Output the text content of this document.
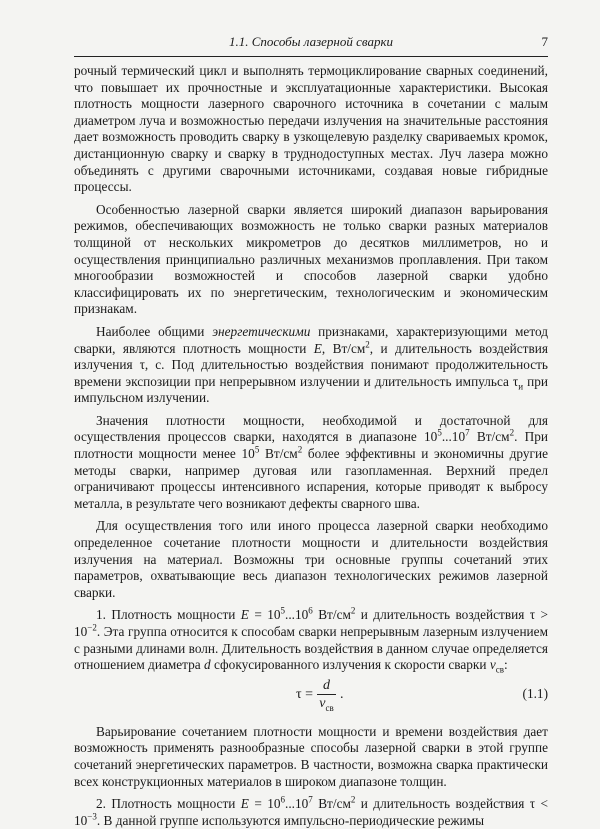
1.1. Способы лазерной сварки	7

рочный термический цикл и выполнять термоциклирование сварных соединений, что повышает их прочностные и эксплуатационные характеристики. Высокая плотность мощности лазерного сварочного источника в сочетании с малым диаметром луча и возможностью передачи излучения на значительные расстояния дает возможность проводить сварку в узкощелевую разделку свариваемых кромок, дистанционную сварку и сварку в труднодоступных местах. Луч лазера можно объединять с другими сварочными источниками, создавая новые гибридные процессы.

Особенностью лазерной сварки является широкий диапазон варьирования режимов, обеспечивающих возможность не только сварки разных материалов толщиной от нескольких микрометров до десятков миллиметров, но и осуществления принципиально различных механизмов проплавления. При таком многообразии возможностей и способов лазерной сварки удобно классифицировать их по энергетическим, технологическим и экономическим признакам.

Наиболее общими энергетическими признаками, характеризующими метод сварки, являются плотность мощности E, $Вт/см^2$, и длительность воздействия излучения τ, с. Под длительностью воздействия понимают продолжительность времени экспозиции при непрерывном излучении и длительность импульса $\tau_и$ при импульсном излучении.

Значения плотности мощности, необходимой и достаточной для осуществления процессов сварки, находятся в диапазоне $10^5...10^7$ $Вт/см^2$. При плотности мощности менее $10^5$ $Вт/см^2$ более эффективны и экономичны другие методы сварки, например дуговая или газопламенная. Верхний предел ограничивают процессы интенсивного испарения, которые приводят к выбросу металла, в результате чего возникают дефекты сварного шва.

Для осуществления того или иного процесса лазерной сварки необходимо определенное сочетание плотности мощности и длительности воздействия излучения на материал. Возможны три основные группы сочетаний этих параметров, охватывающие весь диапазон технологических режимов лазерной сварки.

1. Плотность мощности $E = 10^5...10^6$ $Вт/см^2$ и длительность воздействия $\tau > 10^{-2}$. Эта группа относится к способам сварки непрерывным лазерным излучением с разными длинами волн. Длительность воздействия в данном случае определяется отношением диаметра d сфокусированного излучения к скорости сварки $v_{св}$:

$\tau = \frac{d}{v_{св}}$ .	(1.1)

Варьирование сочетанием плотности мощности и времени воздействия дает возможность применять разнообразные способы лазерной сварки в этой группе сочетаний энергетических параметров. В частности, возможна сварка практически всех конструкционных материалов в широком диапазоне толщин.

2. Плотность мощности $E = 10^6...10^7$ $Вт/см^2$ и длительность воздействия $\tau < 10^{-3}$. В данной группе используются импульсно-периодические режимы
